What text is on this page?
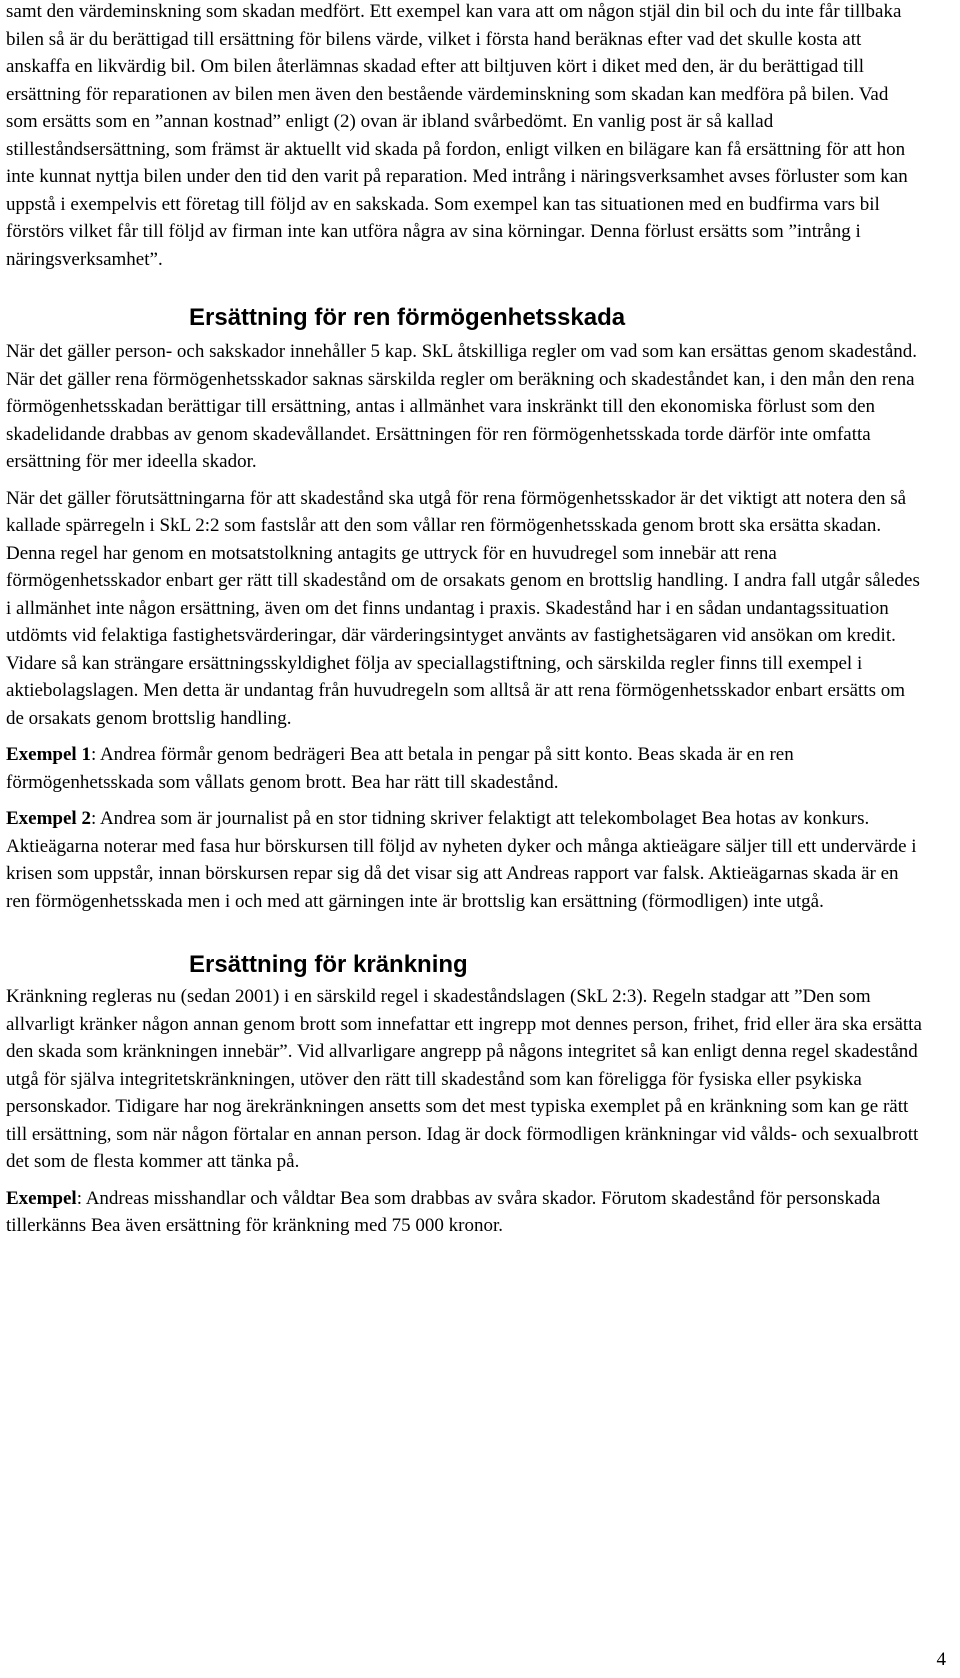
samt den värdeminskning som skadan medfört. Ett exempel kan vara att om någon stjäl din bil och du inte får tillbaka bilen så är du berättigad till ersättning för bilens värde, vilket i första hand beräknas efter vad det skulle kosta att anskaffa en likvärdig bil. Om bilen återlämnas skadad efter att biltjuven kört i diket med den, är du berättigad till ersättning för reparationen av bilen men även den bestående värdeminskning som skadan kan medföra på bilen. Vad som ersätts som en ”annan kostnad” enligt (2) ovan är ibland svårbedömt. En vanlig post är så kallad stilleståndsersättning, som främst är aktuellt vid skada på fordon, enligt vilken en bilägare kan få ersättning för att hon inte kunnat nyttja bilen under den tid den varit på reparation. Med intrång i näringsverksamhet avses förluster som kan uppstå i exempelvis ett företag till följd av en sakskada. Som exempel kan tas situationen med en budfirma vars bil förstörs vilket får till följd av firman inte kan utföra några av sina körningar. Denna förlust ersätts som ”intrång i näringsverksamhet”.

Ersättning för ren förmögenhetsskada

När det gäller person- och sakskador innehåller 5 kap. SkL åtskilliga regler om vad som kan ersättas genom skadestånd. När det gäller rena förmögenhetsskador saknas särskilda regler om beräkning och skadeståndet kan, i den mån den rena förmögenhetsskadan berättigar till ersättning, antas i allmänhet vara inskränkt till den ekonomiska förlust som den skadelidande drabbas av genom skadevållandet. Ersättningen för ren förmögenhetsskada torde därför inte omfatta ersättning för mer ideella skador.

När det gäller förutsättningarna för att skadestånd ska utgå för rena förmögenhetsskador är det viktigt att notera den så kallade spärregeln i SkL 2:2 som fastslår att den som vållar ren förmögenhetsskada genom brott ska ersätta skadan. Denna regel har genom en motsatstolkning antagits ge uttryck för en huvudregel som innebär att rena förmögenhetsskador enbart ger rätt till skadestånd om de orsakats genom en brottslig handling. I andra fall utgår således i allmänhet inte någon ersättning, även om det finns undantag i praxis. Skadestånd har i en sådan undantagssituation utdömts vid felaktiga fastighetsvärderingar, där värderingsintyget använts av fastighetsägaren vid ansökan om kredit. Vidare så kan strängare ersättningsskyldighet följa av speciallagstiftning, och särskilda regler finns till exempel i aktiebolagslagen. Men detta är undantag från huvudregeln som alltså är att rena förmögenhetsskador enbart ersätts om de orsakats genom brottslig handling.

Exempel 1: Andrea förmår genom bedrägeri Bea att betala in pengar på sitt konto. Beas skada är en ren förmögenhetsskada som vållats genom brott. Bea har rätt till skadestånd.

Exempel 2: Andrea som är journalist på en stor tidning skriver felaktigt att telekombolaget Bea hotas av konkurs. Aktieägarna noterar med fasa hur börskursen till följd av nyheten dyker och många aktieägare säljer till ett undervärde i krisen som uppstår, innan börskursen repar sig då det visar sig att Andreas rapport var falsk. Aktieägarnas skada är en ren förmögenhetsskada men i och med att gärningen inte är brottslig kan ersättning (förmodligen) inte utgå.

Ersättning för kränkning

Kränkning regleras nu (sedan 2001) i en särskild regel i skadeståndslagen (SkL 2:3). Regeln stadgar att ”Den som allvarligt kränker någon annan genom brott som innefattar ett ingrepp mot dennes person, frihet, frid eller ära ska ersätta den skada som kränkningen innebär”. Vid allvarligare angrepp på någons integritet så kan enligt denna regel skadestånd utgå för själva integritetskränkningen, utöver den rätt till skadestånd som kan föreligga för fysiska eller psykiska personskador. Tidigare har nog ärekränkningen ansetts som det mest typiska exemplet på en kränkning som kan ge rätt till ersättning, som när någon förtalar en annan person. Idag är dock förmodligen kränkningar vid vålds- och sexualbrott det som de flesta kommer att tänka på.

Exempel: Andreas misshandlar och våldtar Bea som drabbas av svåra skador. Förutom skadestånd för personskada tillerkänns Bea även ersättning för kränkning med 75 000 kronor.

4
